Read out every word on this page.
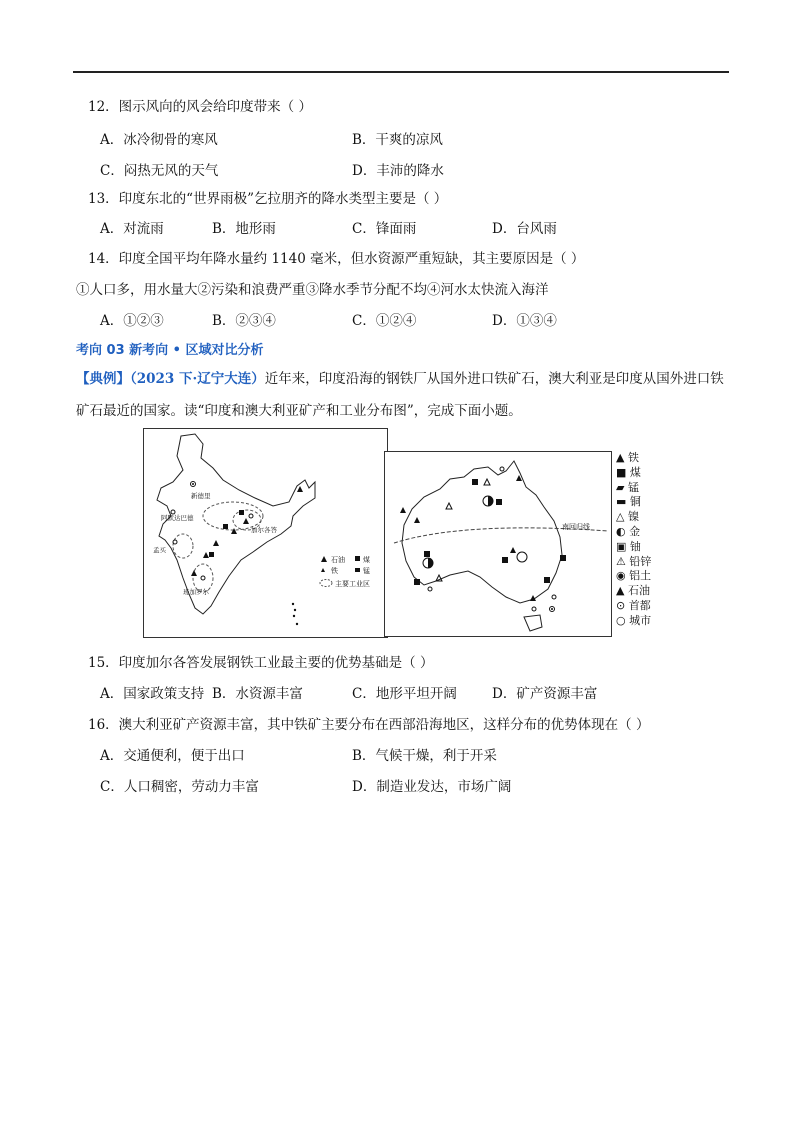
12．图示风向的风会给印度带来（ ）
A．冰冷彻骨的寒风	B．干爽的凉风
C．闷热无风的天气	D．丰沛的降水
13．印度东北的“世界雨极”乞拉朋齐的降水类型主要是（ ）
A．对流雨	B．地形雨	C．锋面雨	D．台风雨
14．印度全国平均年降水量约 1140 毫米，但水资源严重短缺，其主要原因是（ ）
①人口多，用水量大②污染和浪费严重③降水季节分配不均④河水太快流入海洋
A．①②③	B．②③④	C．①②④	D．①③④
考向 03 新考向 • 区域对比分析
【典例】（2023 下·辽宁大连）近年来，印度沿海的钢铁厂从国外进口铁矿石，澳大利亚是印度从国外进口铁矿石最近的国家。读“印度和澳大利亚矿产和工业分布图”，完成下面小题。
新德里
阿默达巴德
加尔各答
孟买
班加罗尔
石油	煤
铁	锰
主要工业区
南回归线
▲ 铁
■ 煤
▰ 锰
▬ 铜
△ 镍
◐ 金
▣ 铀
⚠ 铅锌
◉ 铝土
▲ 石油
⊙ 首都
○ 城市
15．印度加尔各答发展钢铁工业最主要的优势基础是（ ）
A．国家政策支持 B．水资源丰富	C．地形平坦开阔	D．矿产资源丰富
16．澳大利亚矿产资源丰富，其中铁矿主要分布在西部沿海地区，这样分布的优势体现在（ ）
A．交通便利，便于出口	B．气候干燥，利于开采
C．人口稠密，劳动力丰富	D．制造业发达，市场广阔
